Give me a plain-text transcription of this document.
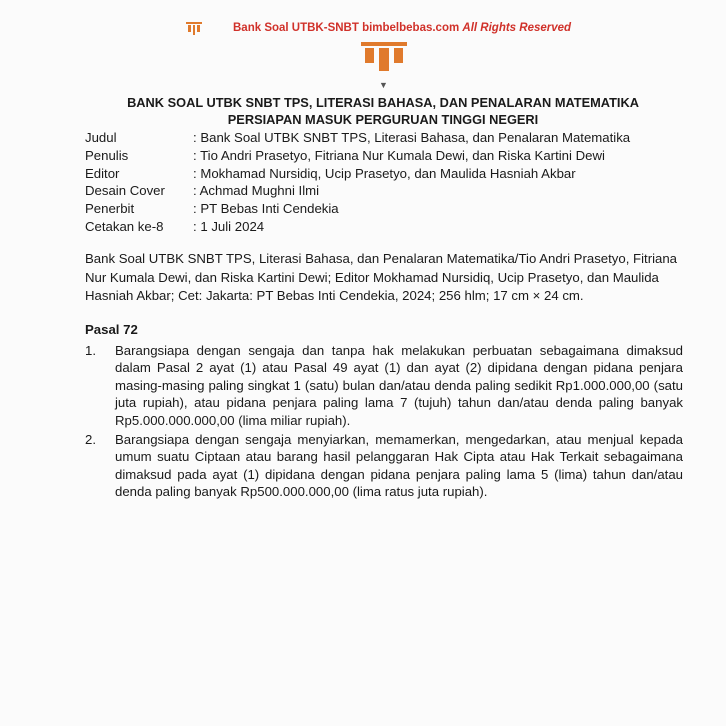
Bank Soal UTBK-SNBT bimbelbebas.com All Rights Reserved
▼
BANK SOAL UTBK SNBT TPS, LITERASI BAHASA, DAN PENALARAN MATEMATIKA
PERSIAPAN MASUK PERGURUAN TINGGI NEGERI
Judul	: Bank Soal UTBK SNBT TPS, Literasi Bahasa, dan Penalaran Matematika
Penulis	: Tio Andri Prasetyo, Fitriana Nur Kumala Dewi, dan Riska Kartini Dewi
Editor	: Mokhamad Nursidiq, Ucip Prasetyo, dan Maulida Hasniah Akbar
Desain Cover	: Achmad Mughni Ilmi
Penerbit	: PT Bebas Inti Cendekia
Cetakan ke-8	: 1 Juli 2024
Bank Soal UTBK SNBT TPS, Literasi Bahasa, dan Penalaran Matematika/Tio Andri Prasetyo, Fitriana Nur Kumala Dewi, dan Riska Kartini Dewi; Editor Mokhamad Nursidiq, Ucip Prasetyo, dan Maulida Hasniah Akbar; Cet: Jakarta: PT Bebas Inti Cendekia, 2024; 256 hlm; 17 cm × 24 cm.
Pasal 72
1.	Barangsiapa dengan sengaja dan tanpa hak melakukan perbuatan sebagaimana dimaksud dalam Pasal 2 ayat (1) atau Pasal 49 ayat (1) dan ayat (2) dipidana dengan pidana penjara masing-masing paling singkat 1 (satu) bulan dan/atau denda paling sedikit Rp1.000.000,00 (satu juta rupiah), atau pidana penjara paling lama 7 (tujuh) tahun dan/atau denda paling banyak Rp5.000.000.000,00 (lima miliar rupiah).
2.	Barangsiapa dengan sengaja menyiarkan, memamerkan, mengedarkan, atau menjual kepada umum suatu Ciptaan atau barang hasil pelanggaran Hak Cipta atau Hak Terkait sebagaimana dimaksud pada ayat (1) dipidana dengan pidana penjara paling lama 5 (lima) tahun dan/atau denda paling banyak Rp500.000.000,00 (lima ratus juta rupiah).
